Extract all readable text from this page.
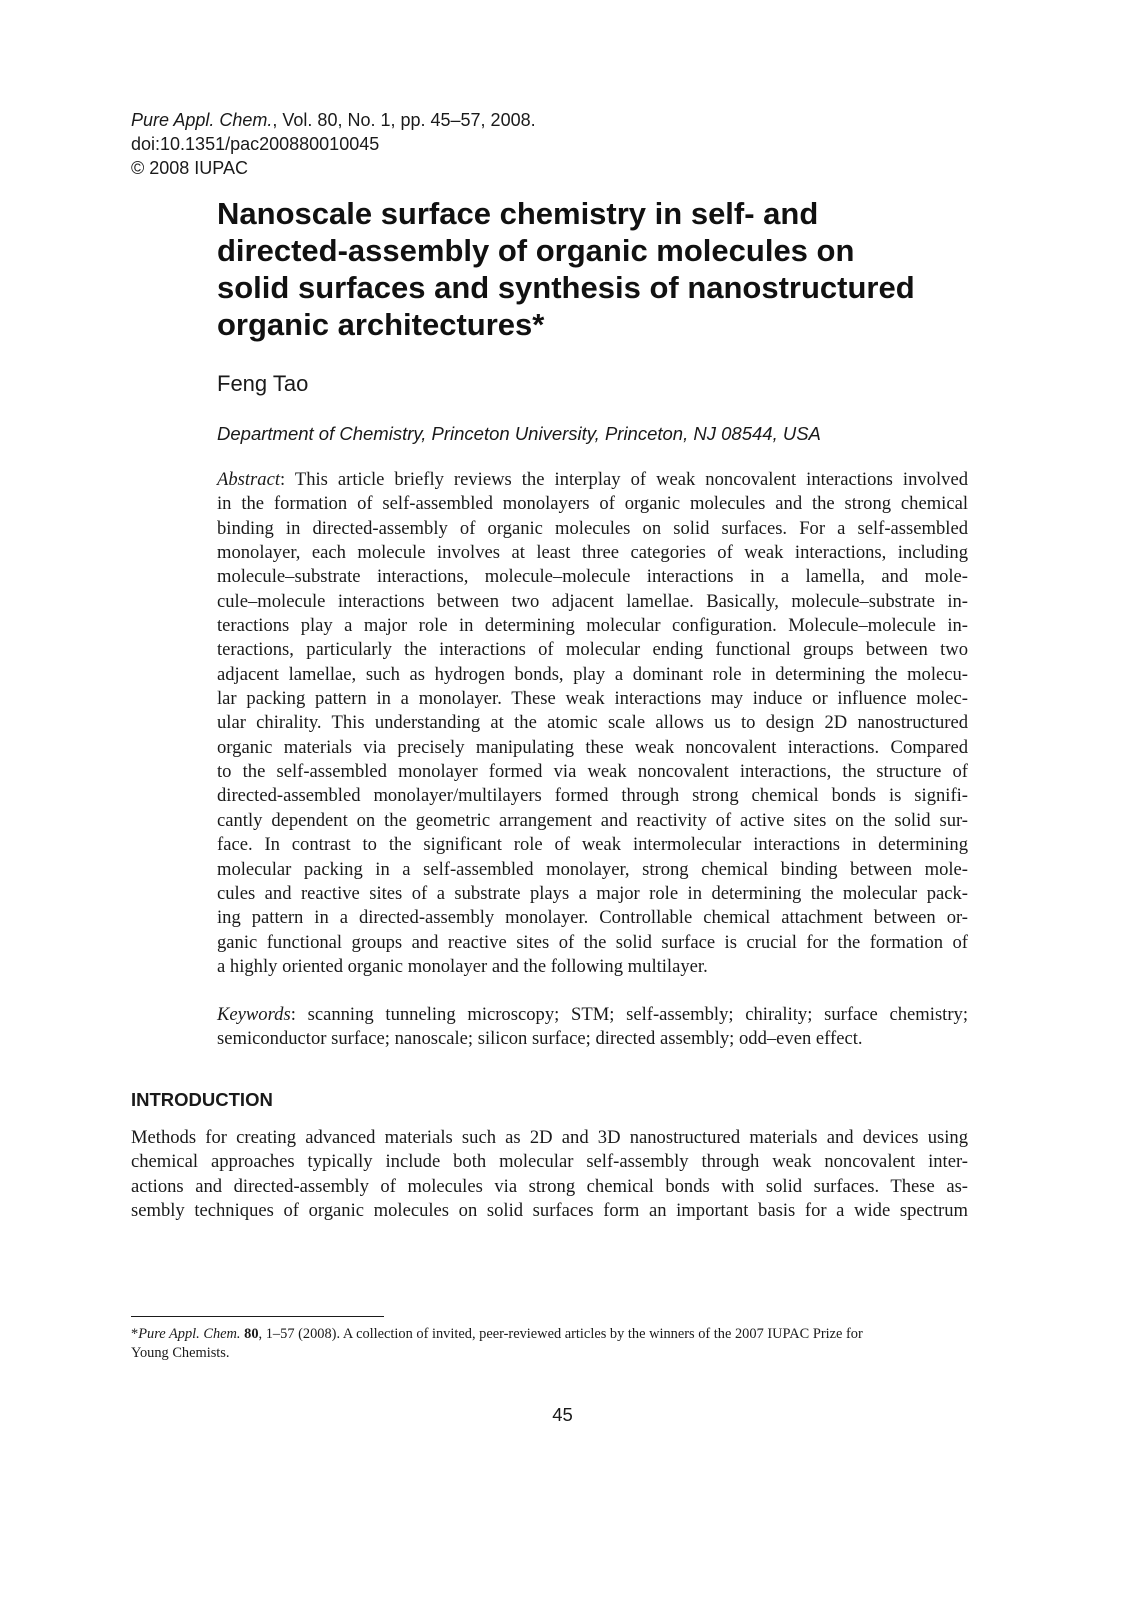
Pure Appl. Chem., Vol. 80, No. 1, pp. 45–57, 2008.
doi:10.1351/pac200880010045
© 2008 IUPAC
Nanoscale surface chemistry in self- and
directed-assembly of organic molecules on
solid surfaces and synthesis of nanostructured
organic architectures*
Feng Tao
Department of Chemistry, Princeton University, Princeton, NJ 08544, USA
Abstract: This article briefly reviews the interplay of weak noncovalent interactions involved
in the formation of self-assembled monolayers of organic molecules and the strong chemical
binding in directed-assembly of organic molecules on solid surfaces. For a self-assembled
monolayer, each molecule involves at least three categories of weak interactions, including
molecule–substrate interactions, molecule–molecule interactions in a lamella, and mole-
cule–molecule interactions between two adjacent lamellae. Basically, molecule–substrate in-
teractions play a major role in determining molecular configuration. Molecule–molecule in-
teractions, particularly the interactions of molecular ending functional groups between two
adjacent lamellae, such as hydrogen bonds, play a dominant role in determining the molecu-
lar packing pattern in a monolayer. These weak interactions may induce or influence molec-
ular chirality. This understanding at the atomic scale allows us to design 2D nanostructured
organic materials via precisely manipulating these weak noncovalent interactions. Compared
to the self-assembled monolayer formed via weak noncovalent interactions, the structure of
directed-assembled monolayer/multilayers formed through strong chemical bonds is signifi-
cantly dependent on the geometric arrangement and reactivity of active sites on the solid sur-
face. In contrast to the significant role of weak intermolecular interactions in determining
molecular packing in a self-assembled monolayer, strong chemical binding between mole-
cules and reactive sites of a substrate plays a major role in determining the molecular pack-
ing pattern in a directed-assembly monolayer. Controllable chemical attachment between or-
ganic functional groups and reactive sites of the solid surface is crucial for the formation of
a highly oriented organic monolayer and the following multilayer.
Keywords: scanning tunneling microscopy; STM; self-assembly; chirality; surface chemistry;
semiconductor surface; nanoscale; silicon surface; directed assembly; odd–even effect.
INTRODUCTION
Methods for creating advanced materials such as 2D and 3D nanostructured materials and devices using
chemical approaches typically include both molecular self-assembly through weak noncovalent inter-
actions and directed-assembly of molecules via strong chemical bonds with solid surfaces. These as-
sembly techniques of organic molecules on solid surfaces form an important basis for a wide spectrum
*Pure Appl. Chem. 80, 1–57 (2008). A collection of invited, peer-reviewed articles by the winners of the 2007 IUPAC Prize for
Young Chemists.
45
